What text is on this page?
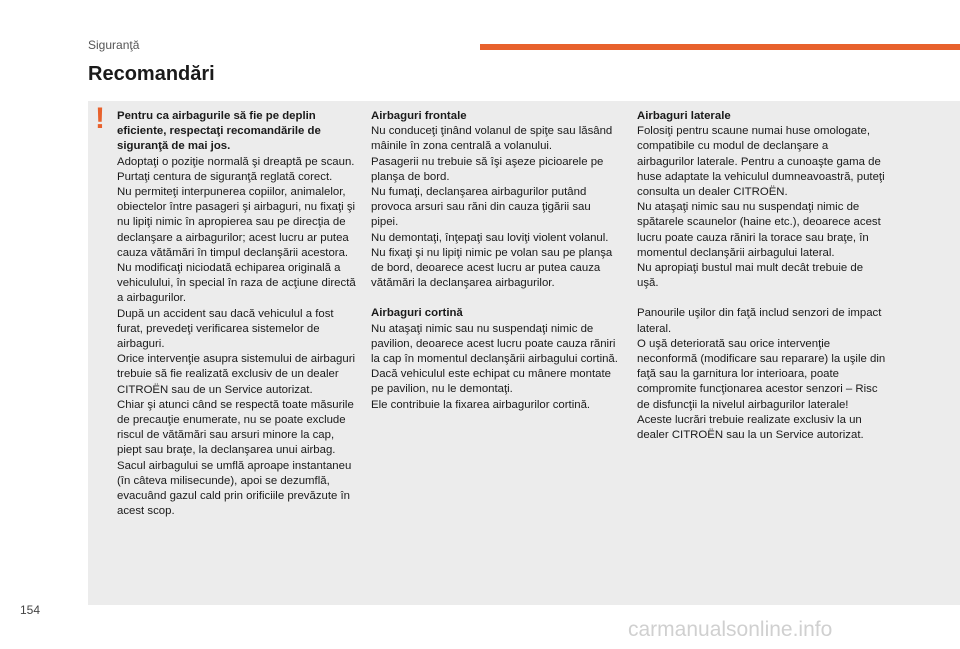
Siguranţă
Recomandări
! Pentru ca airbagurile să fie pe deplin eficiente, respectaţi recomandările de siguranţă de mai jos.

Adoptaţi o poziţie normală şi dreaptă pe scaun.

Purtaţi centura de siguranţă reglată corect.

Nu permiteţi interpunerea copiilor, animalelor, obiectelor între pasageri şi airbaguri, nu fixaţi şi nu lipiţi nimic în apropierea sau pe direcţia de declanşare a airbagurilor; acest lucru ar putea cauza vătămări în timpul declanşării acestora.

Nu modificaţi niciodată echiparea originală a vehiculului, în special în raza de acţiune directă a airbagurilor.

După un accident sau dacă vehiculul a fost furat, prevedeţi verificarea sistemelor de airbaguri.

Orice intervenţie asupra sistemului de airbaguri trebuie să fie realizată exclusiv de un dealer CITROËN sau de un Service autorizat.

Chiar şi atunci când se respectă toate măsurile de precauţie enumerate, nu se poate exclude riscul de vătămări sau arsuri minore la cap, piept sau braţe, la declanşarea unui airbag. Sacul airbagului se umflă aproape instantaneu (în câteva milisecunde), apoi se dezumflă, evacuând gazul cald prin orificiile prevăzute în acest scop.

Airbaguri frontale

Nu conduceţi ţinând volanul de spiţe sau lăsând mâinile în zona centrală a volanului.

Pasagerii nu trebuie să îşi aşeze picioarele pe planşa de bord.

Nu fumaţi, declanşarea airbagurilor putând provoca arsuri sau răni din cauza ţigării sau pipei.

Nu demontaţi, înţepaţi sau loviţi violent volanul.

Nu fixaţi şi nu lipiţi nimic pe volan sau pe planşa de bord, deoarece acest lucru ar putea cauza vătămări la declanşarea airbagurilor.

Airbaguri cortină

Nu ataşaţi nimic sau nu suspendaţi nimic de pavilion, deoarece acest lucru poate cauza răniri la cap în momentul declanşării airbagului cortină.

Dacă vehiculul este echipat cu mânere montate pe pavilion, nu le demontaţi.

Ele contribuie la fixarea airbagurilor cortină.

Airbaguri laterale

Folosiţi pentru scaune numai huse omologate, compatibile cu modul de declanşare a airbagurilor laterale. Pentru a cunoaşte gama de huse adaptate la vehiculul dumneavoastră, puteţi consulta un dealer CITROËN.

Nu ataşaţi nimic sau nu suspendaţi nimic de spătarele scaunelor (haine etc.), deoarece acest lucru poate cauza răniri la torace sau braţe, în momentul declanşării airbagului lateral.

Nu apropiaţi bustul mai mult decât trebuie de uşă.

Panourile uşilor din faţă includ senzori de impact lateral.

O uşă deteriorată sau orice intervenţie neconformă (modificare sau reparare) la uşile din faţă sau la garnitura lor interioara, poate compromite funcţionarea acestor senzori – Risc de disfuncţii la nivelul airbagurilor laterale!

Aceste lucrări trebuie realizate exclusiv la un dealer CITROËN sau la un Service autorizat.

154
carmanualsonline.info
